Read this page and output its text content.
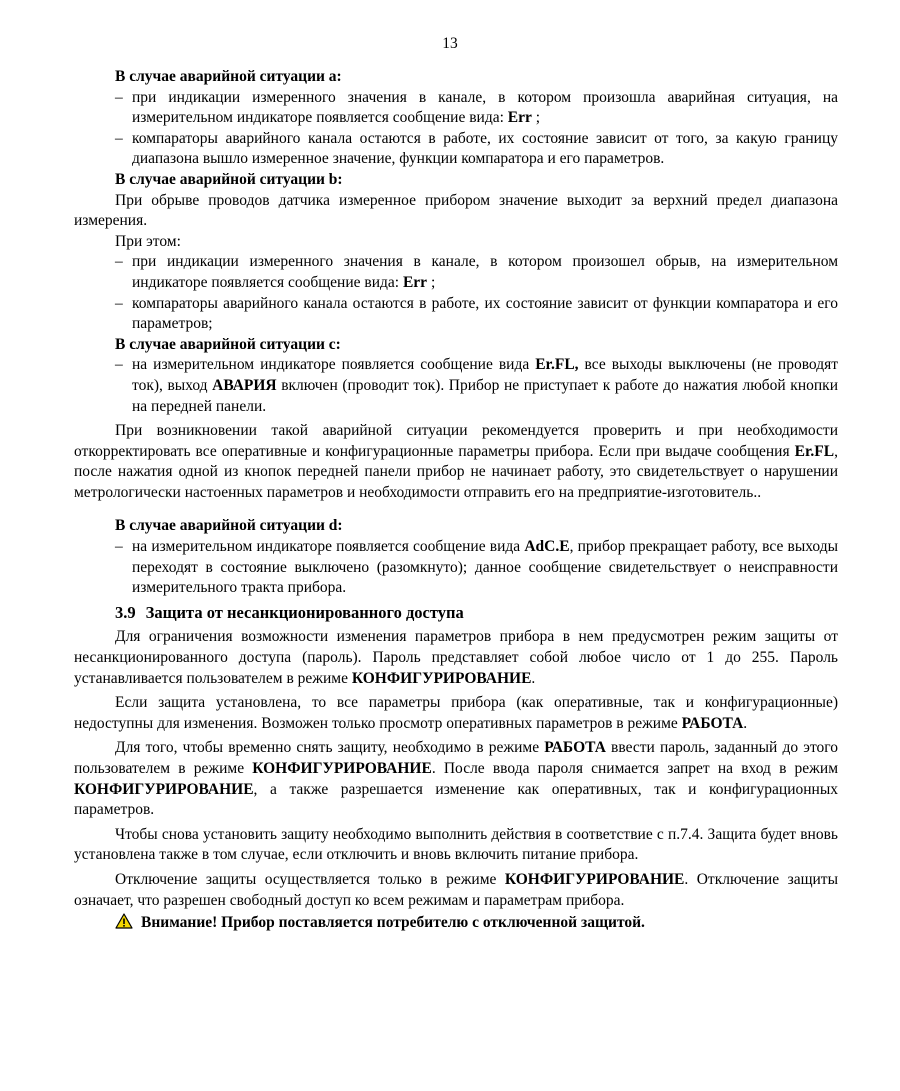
13

В случае аварийной ситуации a:

– при индикации измеренного значения в канале, в котором произошла аварийная ситуация, на измерительном индикаторе появляется сообщение вида: Err ;

– компараторы аварийного канала остаются в работе, их состояние зависит от того, за какую границу диапазона вышло измеренное значение, функции компаратора и его параметров.

В случае аварийной ситуации b:

При обрыве проводов датчика измеренное прибором значение выходит за верхний предел диапазона измерения.

При этом:

– при индикации измеренного значения в канале, в котором произошел обрыв, на измерительном индикаторе появляется сообщение вида: Err ;

– компараторы аварийного канала остаются в работе, их состояние зависит от функции компаратора и его параметров;

В случае аварийной ситуации c:

– на измерительном индикаторе появляется сообщение вида Er.FL, все выходы выключены (не проводят ток), выход АВАРИЯ включен (проводит ток). Прибор не приступает к работе до нажатия любой кнопки на передней панели.

При возникновении такой аварийной ситуации рекомендуется проверить и при необходимости откорректировать все оперативные и конфигурационные параметры прибора. Если при выдаче сообщения Er.FL, после нажатия одной из кнопок передней панели прибор не начинает работу, это свидетельствует о нарушении метрологически настоенных параметров и необходимости отправить его на предприятие-изготовитель..

В случае аварийной ситуации d:

– на измерительном индикаторе появляется сообщение вида AdC.E, прибор прекращает работу, все выходы переходят в состояние выключено (разомкнуто); данное сообщение свидетельствует о неисправности измерительного тракта прибора.

3.9 Защита от несанкционированного доступа

Для ограничения возможности изменения параметров прибора в нем предусмотрен режим защиты от несанкционированного доступа (пароль). Пароль представляет собой любое число от 1 до 255. Пароль устанавливается пользователем в режиме КОНФИГУРИРОВАНИЕ.

Если защита установлена, то все параметры прибора (как оперативные, так и конфигурационные) недоступны для изменения. Возможен только просмотр оперативных параметров в режиме РАБОТА.

Для того, чтобы временно снять защиту, необходимо в режиме РАБОТА ввести пароль, заданный до этого пользователем в режиме КОНФИГУРИРОВАНИЕ. После ввода пароля снимается запрет на вход в режим КОНФИГУРИРОВАНИЕ, а также разрешается изменение как оперативных, так и конфигурационных параметров.

Чтобы снова установить защиту необходимо выполнить действия в соответствие с п.7.4. Защита будет вновь установлена также в том случае, если отключить и вновь включить питание прибора.

Отключение защиты осуществляется только в режиме КОНФИГУРИРОВАНИЕ. Отключение защиты означает, что разрешен свободный доступ ко всем режимам и параметрам прибора.

Внимание! Прибор поставляется потребителю с отключенной защитой.
